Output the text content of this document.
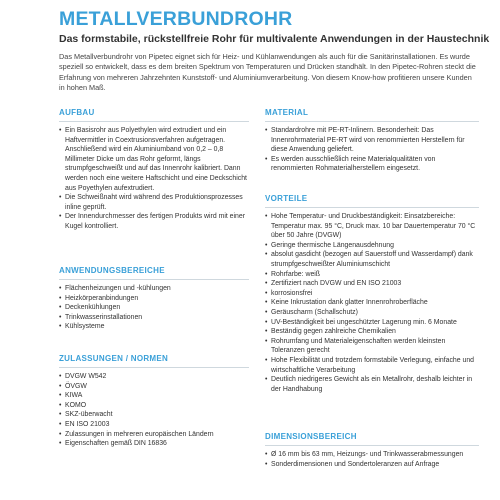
METALLVERBUNDROHR
Das formstabile, rückstellfreie Rohr für multivalente Anwendungen in der Haustechnik

Das Metallverbundrohr von Pipetec eignet sich für Heiz- und Kühlanwendungen als auch für die Sanitärinstallationen. Es wurde speziell so entwickelt, dass es dem breiten Spektrum von Temperaturen und Drücken standhält. In den Pipetec-Rohren steckt die Erfahrung von mehreren Jahrzehnten Kunststoff- und Aluminiumverarbeitung. Von diesem Know-how profitieren unsere Kunden in hohen Maß.

AUFBAU
• Ein Basisrohr aus Polyethylen wird extrudiert und ein Haftvermittler in Coextrusionsverfahren aufgetragen. Anschließend wird ein Aluminiumband von 0,2 – 0,8 Millimeter Dicke um das Rohr geformt, längs strumpfgeschweißt und auf das Innenrohr kalibriert. Dann werden noch eine weitere Haftschicht und eine Deckschicht aus Poyethylen aufextrudiert.
• Die Schweißnaht wird während des Produktionsprozesses inline geprüft.
• Der Innendurchmesser des fertigen Produkts wird mit einer Kugel kontrolliert.
ANWENDUNGSBEREICHE
• Flächenheizungen und -kühlungen
• Heizkörperanbindungen
• Deckenkühlungen
• Trinkwasserinstallationen
• Kühlsysteme
ZULASSUNGEN / NORMEN
• DVGW W542
• ÖVGW
• KIWA
• KOMO
• SKZ-überwacht
• EN ISO 21003
• Zulassungen in mehreren europäischen Ländern
• Eigenschaften gemäß DIN 16836
MATERIAL
• Standardrohre mit PE-RT-Inlinern. Besonderheit: Das Innenrohrmaterial PE-RT wird von renommierten Herstellern für diese Anwendung geliefert.
• Es werden ausschließlich reine Materialqualitäten von renommierten Rohmaterialherstellern eingesetzt.
VORTEILE
• Hohe Temperatur- und Druckbeständigkeit: Einsatzbereiche: Temperatur max. 95 °C, Druck max. 10 bar Dauertemperatur 70 °C über 50 Jahre (DVGW)
• Geringe thermische Längenausdehnung
• absolut gasdicht (bezogen auf Sauerstoff und Wasserdampf) dank strumpfgeschweißter Aluminiumschicht
• Rohrfarbe: weiß
• Zertifiziert nach DVGW und EN ISO 21003
• korrosionsfrei
• Keine Inkrustation dank glatter Innenrohroberfläche
• Geräuscharm (Schallschutz)
• UV-Beständigkeit bei ungeschützter Lagerung min. 6 Monate
• Beständig gegen zahlreiche Chemikalien
• Rohrumfang und Materialeigenschaften werden kleinsten Toleranzen gerecht
• Hohe Flexibilität und trotzdem formstabile Verlegung, einfache und wirtschaftliche Verarbeitung
• Deutlich niedrigeres Gewicht als ein Metallrohr, deshalb leichter in der Handhabung
DIMENSIONSBEREICH
• Ø 16 mm bis 63 mm, Heizungs- und Trinkwasserabmessungen
• Sonderdimensionen und Sondertoleranzen auf Anfrage
